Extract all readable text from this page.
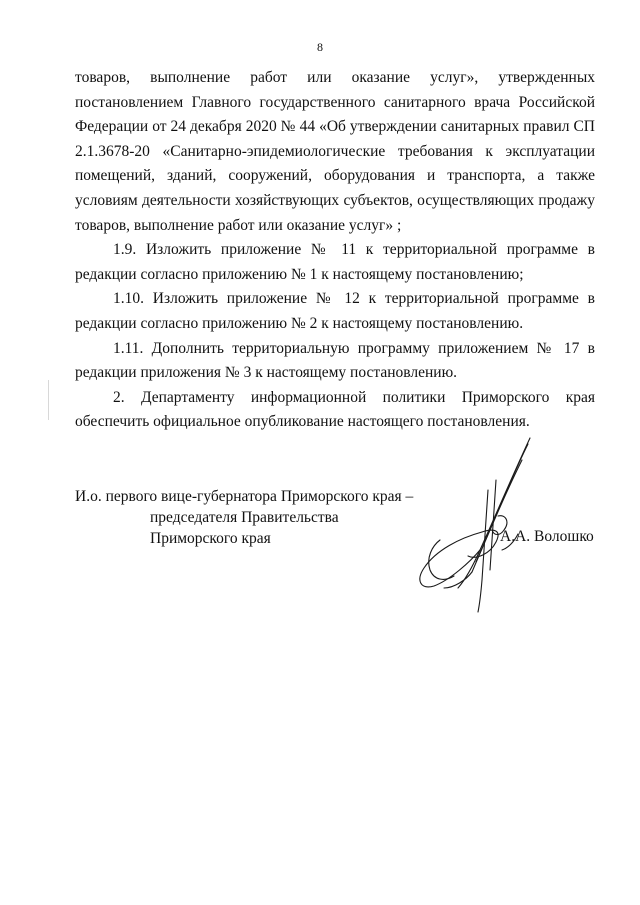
8

товаров, выполнение работ или оказание услуг», утвержденных постановлением Главного государственного санитарного врача Российской Федерации от 24 декабря 2020 № 44 «Об утверждении санитарных правил СП 2.1.3678-20 «Санитарно-эпидемиологические требования к эксплуатации помещений, зданий, сооружений, оборудования и транспорта, а также условиям деятельности хозяйствующих субъектов, осуществляющих продажу товаров, выполнение работ или оказание услуг» ;

1.9. Изложить приложение № 11 к территориальной программе в редакции согласно приложению № 1 к настоящему постановлению;

1.10. Изложить приложение № 12 к территориальной программе в редакции согласно приложению № 2 к настоящему постановлению.

1.11. Дополнить территориальную программу приложением № 17 в редакции приложения № 3 к настоящему постановлению.

2. Департаменту информационной политики Приморского края обеспечить официальное опубликование настоящего постановления.

И.о. первого вице-губернатора Приморского края –
председателя Правительства
Приморского края	А.А. Волошко
